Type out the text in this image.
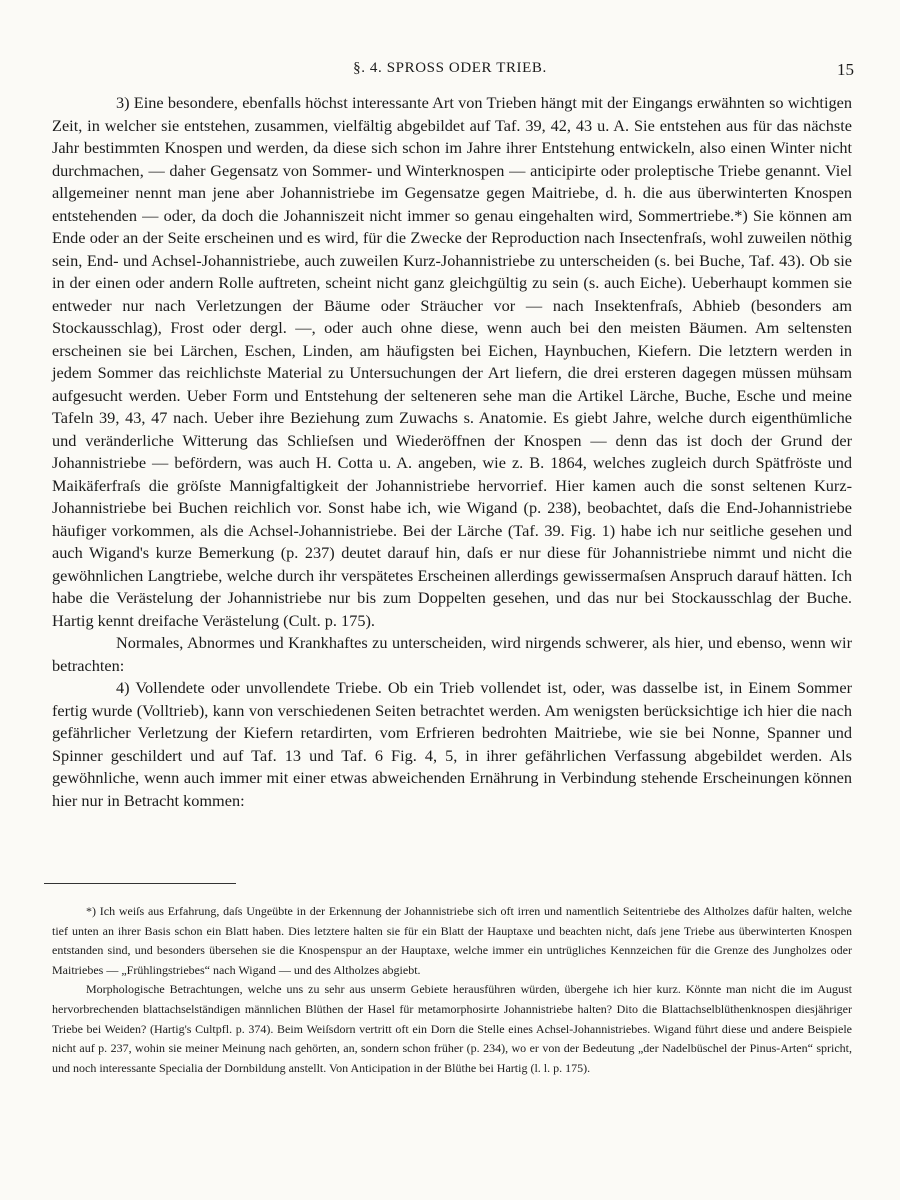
§. 4. SPROSS ODER TRIEB.	15

3) Eine besondere, ebenfalls höchst interessante Art von Trieben hängt mit der Eingangs erwähnten so wichtigen Zeit, in welcher sie entstehen, zusammen, vielfältig abgebildet auf Taf. 39, 42, 43 u. A. Sie entstehen aus für das nächste Jahr bestimmten Knospen und werden, da diese sich schon im Jahre ihrer Entstehung entwickeln, also einen Winter nicht durchmachen, — daher Gegensatz von Sommer- und Winterknospen — anticipirte oder proleptische Triebe genannt. Viel allgemeiner nennt man jene aber Johannistriebe im Gegensatze gegen Maitriebe, d. h. die aus überwinterten Knospen entstehenden — oder, da doch die Johanniszeit nicht immer so genau eingehalten wird, Sommertriebe.*) Sie können am Ende oder an der Seite erscheinen und es wird, für die Zwecke der Reproduction nach Insectenfraſs, wohl zuweilen nöthig sein, End- und Achsel-Johannistriebe, auch zuweilen Kurz-Johannistriebe zu unterscheiden (s. bei Buche, Taf. 43). Ob sie in der einen oder andern Rolle auftreten, scheint nicht ganz gleichgültig zu sein (s. auch Eiche). Ueberhaupt kommen sie entweder nur nach Verletzungen der Bäume oder Sträucher vor — nach Insektenfraſs, Abhieb (besonders am Stockausschlag), Frost oder dergl. —, oder auch ohne diese, wenn auch bei den meisten Bäumen. Am seltensten erscheinen sie bei Lärchen, Eschen, Linden, am häufigsten bei Eichen, Haynbuchen, Kiefern. Die letztern werden in jedem Sommer das reichlichste Material zu Untersuchungen der Art liefern, die drei ersteren dagegen müssen mühsam aufgesucht werden. Ueber Form und Entstehung der selteneren sehe man die Artikel Lärche, Buche, Esche und meine Tafeln 39, 43, 47 nach. Ueber ihre Beziehung zum Zuwachs s. Anatomie. Es giebt Jahre, welche durch eigenthümliche und veränderliche Witterung das Schlieſsen und Wiederöffnen der Knospen — denn das ist doch der Grund der Johannistriebe — befördern, was auch H. Cotta u. A. angeben, wie z. B. 1864, welches zugleich durch Spätfröste und Maikäferfraſs die gröſste Mannigfaltigkeit der Johannistriebe hervorrief. Hier kamen auch die sonst seltenen Kurz-Johannistriebe bei Buchen reichlich vor. Sonst habe ich, wie Wigand (p. 238), beobachtet, daſs die End-Johannistriebe häufiger vorkommen, als die Achsel-Johannistriebe. Bei der Lärche (Taf. 39. Fig. 1) habe ich nur seitliche gesehen und auch Wigand's kurze Bemerkung (p. 237) deutet darauf hin, daſs er nur diese für Johannistriebe nimmt und nicht die gewöhnlichen Langtriebe, welche durch ihr verspätetes Erscheinen allerdings gewissermaſsen Anspruch darauf hätten. Ich habe die Verästelung der Johannistriebe nur bis zum Doppelten gesehen, und das nur bei Stockausschlag der Buche. Hartig kennt dreifache Verästelung (Cult. p. 175).

Normales, Abnormes und Krankhaftes zu unterscheiden, wird nirgends schwerer, als hier, und ebenso, wenn wir betrachten:

4) Vollendete oder unvollendete Triebe. Ob ein Trieb vollendet ist, oder, was dasselbe ist, in Einem Sommer fertig wurde (Volltrieb), kann von verschiedenen Seiten betrachtet werden. Am wenigsten berücksichtige ich hier die nach gefährlicher Verletzung der Kiefern retardirten, vom Erfrieren bedrohten Maitriebe, wie sie bei Nonne, Spanner und Spinner geschildert und auf Taf. 13 und Taf. 6 Fig. 4, 5, in ihrer gefährlichen Verfassung abgebildet werden. Als gewöhnliche, wenn auch immer mit einer etwas abweichenden Ernährung in Verbindung stehende Erscheinungen können hier nur in Betracht kommen:

*) Ich weiſs aus Erfahrung, daſs Ungeübte in der Erkennung der Johannistriebe sich oft irren und namentlich Seitentriebe des Altholzes dafür halten, welche tief unten an ihrer Basis schon ein Blatt haben. Dies letztere halten sie für ein Blatt der Hauptaxe und beachten nicht, daſs jene Triebe aus überwinterten Knospen entstanden sind, und besonders übersehen sie die Knospenspur an der Hauptaxe, welche immer ein untrügliches Kennzeichen für die Grenze des Jungholzes oder Maitriebes — „Frühlingstriebes“ nach Wigand — und des Altholzes abgiebt.

Morphologische Betrachtungen, welche uns zu sehr aus unserm Gebiete herausführen würden, übergehe ich hier kurz. Könnte man nicht die im August hervorbrechenden blattachselständigen männlichen Blüthen der Hasel für metamorphosirte Johannistriebe halten? Dito die Blattachselblüthenknospen diesjähriger Triebe bei Weiden? (Hartig's Cultpfl. p. 374). Beim Weiſsdorn vertritt oft ein Dorn die Stelle eines Achsel-Johannistriebes. Wigand führt diese und andere Beispiele nicht auf p. 237, wohin sie meiner Meinung nach gehörten, an, sondern schon früher (p. 234), wo er von der Bedeutung „der Nadelbüschel der Pinus-Arten“ spricht, und noch interessante Specialia der Dornbildung anstellt. Von Anticipation in der Blüthe bei Hartig (l. l. p. 175).
